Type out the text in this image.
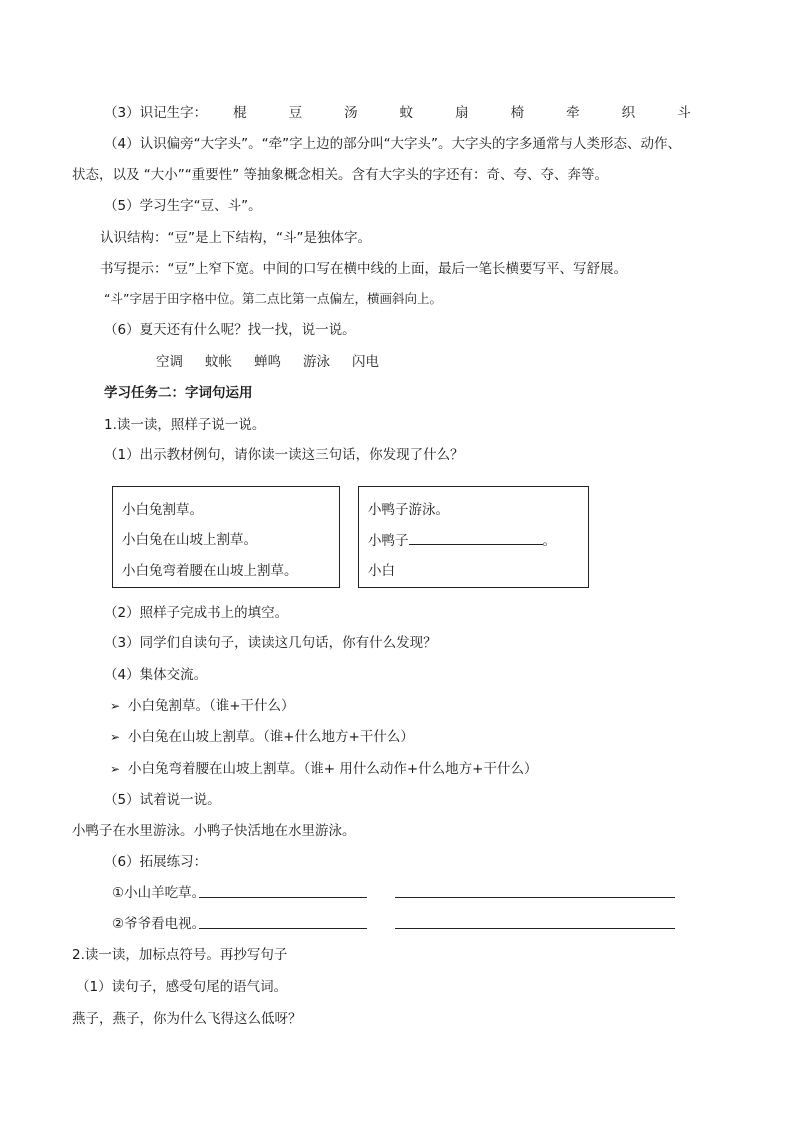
（3）识记生字： 棍	豆	汤	蚊	扇	椅	牵	织	斗
（4）认识偏旁“大字头”。“牵”字上边的部分叫“大字头”。大字头的字多通常与人类形态、动作、
状态，以及 “大小”“重要性” 等抽象概念相关。含有大字头的字还有：奇、夸、夺、奔等。
（5）学习生字“豆、斗”。
认识结构：“豆”是上下结构，“斗”是独体字。
书写提示：“豆”上窄下宽。中间的口写在横中线的上面，最后一笔长横要写平、写舒展。
“斗”字居于田字格中位。第二点比第一点偏左，横画斜向上。
（6）夏天还有什么呢？找一找，说一说。
空调 蚊帐 蝉鸣 游泳 闪电
学习任务二：字词句运用
1.读一读，照样子说一说。
（1）出示教材例句，请你读一读这三句话，你发现了什么？
小白兔割草。
小白兔在山坡上割草。
小白兔弯着腰在山坡上割草。
小鸭子游泳。
小鸭子	。
小白
（2）照样子完成书上的填空。
（3）同学们自读句子，读读这几句话，你有什么发现？
（4）集体交流。
➢ 小白兔割草。（谁+干什么）
➢ 小白兔在山坡上割草。（谁+什么地方+干什么）
➢ 小白兔弯着腰在山坡上割草。（谁+ 用什么动作+什么地方+干什么）
（5）试着说一说。
小鸭子在水里游泳。小鸭子快活地在水里游泳。
（6）拓展练习：
①小山羊吃草。
②爷爷看电视。
2.读一读，加标点符号。再抄写句子
（1）读句子，感受句尾的语气词。
燕子，燕子，你为什么飞得这么低呀？
